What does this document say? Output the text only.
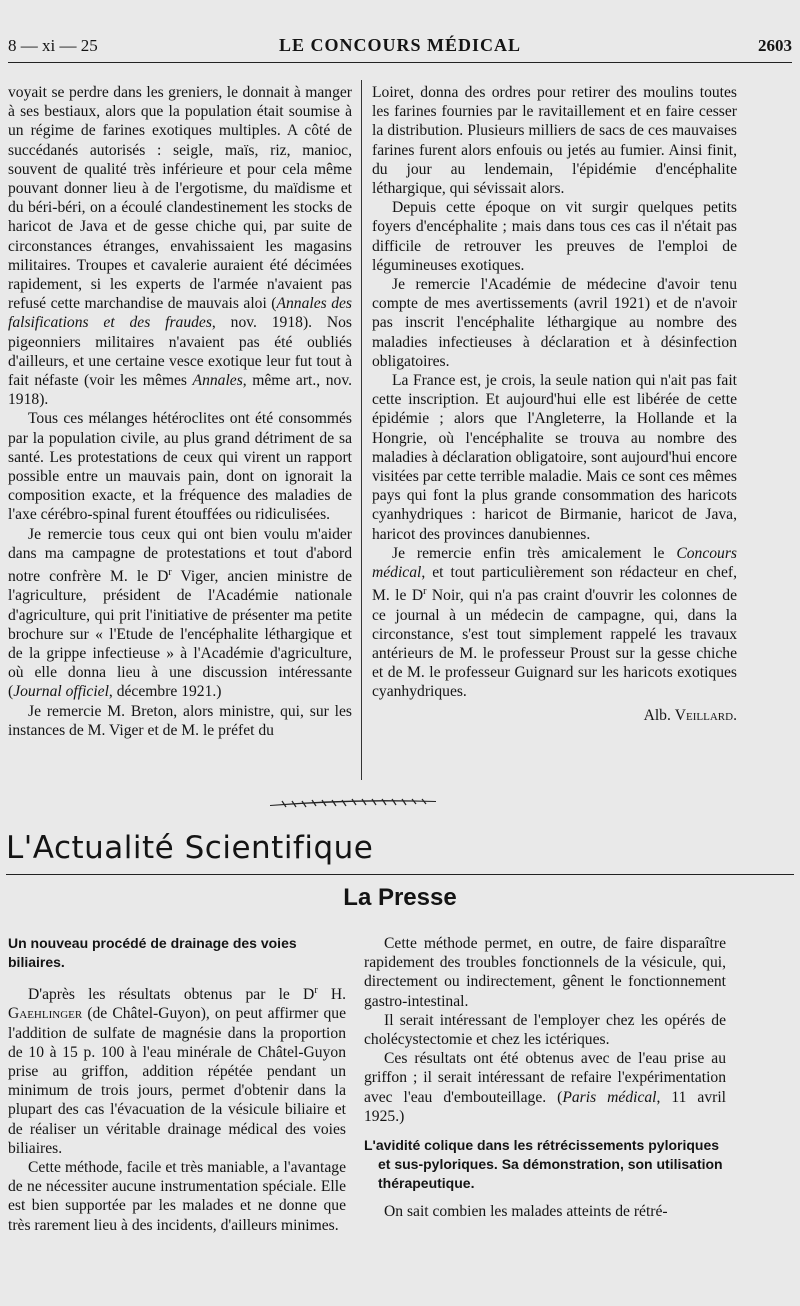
8 — xi — 25	LE CONCOURS MÉDICAL	2603

voyait se perdre dans les greniers, le donnait à manger à ses bestiaux, alors que la population était soumise à un régime de farines exotiques multiples. A côté de succédanés autorisés : seigle, maïs, riz, manioc, souvent de qualité très inférieure et pour cela même pouvant donner lieu à de l'ergotisme, du maïdisme et du béri-béri, on a écoulé clandestinement les stocks de haricot de Java et de gesse chiche qui, par suite de circonstances étranges, envahissaient les magasins militaires. Troupes et cavalerie auraient été décimées rapidement, si les experts de l'armée n'avaient pas refusé cette marchandise de mauvais aloi (Annales des falsifications et des fraudes, nov. 1918). Nos pigeonniers militaires n'avaient pas été oubliés d'ailleurs, et une certaine vesce exotique leur fut tout à fait néfaste (voir les mêmes Annales, même art., nov. 1918).

Tous ces mélanges hétéroclites ont été consommés par la population civile, au plus grand détriment de sa santé. Les protestations de ceux qui virent un rapport possible entre un mauvais pain, dont on ignorait la composition exacte, et la fréquence des maladies de l'axe cérébro-spinal furent étouffées ou ridiculisées.

Je remercie tous ceux qui ont bien voulu m'aider dans ma campagne de protestations et tout d'abord notre confrère M. le $D^r$ Viger, ancien ministre de l'agriculture, président de l'Académie nationale d'agriculture, qui prit l'initiative de présenter ma petite brochure sur « l'Etude de l'encéphalite léthargique et de la grippe infectieuse » à l'Académie d'agriculture, où elle donna lieu à une discussion intéressante (Journal officiel, décembre 1921.)

Je remercie M. Breton, alors ministre, qui, sur les instances de M. Viger et de M. le préfet du

Loiret, donna des ordres pour retirer des moulins toutes les farines fournies par le ravitaillement et en faire cesser la distribution. Plusieurs milliers de sacs de ces mauvaises farines furent alors enfouis ou jetés au fumier. Ainsi finit, du jour au lendemain, l'épidémie d'encéphalite léthargique, qui sévissait alors.

Depuis cette époque on vit surgir quelques petits foyers d'encéphalite ; mais dans tous ces cas il n'était pas difficile de retrouver les preuves de l'emploi de légumineuses exotiques.

Je remercie l'Académie de médecine d'avoir tenu compte de mes avertissements (avril 1921) et de n'avoir pas inscrit l'encéphalite léthargique au nombre des maladies infectieuses à déclaration et à désinfection obligatoires.

La France est, je crois, la seule nation qui n'ait pas fait cette inscription. Et aujourd'hui elle est libérée de cette épidémie ; alors que l'Angleterre, la Hollande et la Hongrie, où l'encéphalite se trouva au nombre des maladies à déclaration obligatoire, sont aujourd'hui encore visitées par cette terrible maladie. Mais ce sont ces mêmes pays qui font la plus grande consommation des haricots cyanhydriques : haricot de Birmanie, haricot de Java, haricot des provinces danubiennes.

Je remercie enfin très amicalement le Concours médical, et tout particulièrement son rédacteur en chef, M. le $D^r$ Noir, qui n'a pas craint d'ouvrir les colonnes de ce journal à un médecin de campagne, qui, dans la circonstance, s'est tout simplement rappelé les travaux antérieurs de M. le professeur Proust sur la gesse chiche et de M. le professeur Guignard sur les haricots exotiques cyanhydriques.

Alb. Veillard.
L'Actualité Scientifique
La Presse

Un nouveau procédé de drainage des voies biliaires.

D'après les résultats obtenus par le $D^r$ H. Gaehlinger (de Châtel-Guyon), on peut affirmer que l'addition de sulfate de magnésie dans la proportion de 10 à 15 p. 100 à l'eau minérale de Châtel-Guyon prise au griffon, addition répétée pendant un minimum de trois jours, permet d'obtenir dans la plupart des cas l'évacuation de la vésicule biliaire et de réaliser un véritable drainage médical des voies biliaires.

Cette méthode, facile et très maniable, a l'avantage de ne nécessiter aucune instrumentation spéciale. Elle est bien supportée par les malades et ne donne que très rarement lieu à des incidents, d'ailleurs minimes.

Cette méthode permet, en outre, de faire disparaître rapidement des troubles fonctionnels de la vésicule, qui, directement ou indirectement, gênent le fonctionnement gastro-intestinal.

Il serait intéressant de l'employer chez les opérés de cholécystectomie et chez les ictériques.

Ces résultats ont été obtenus avec de l'eau prise au griffon ; il serait intéressant de refaire l'expérimentation avec l'eau d'embouteillage. (Paris médical, 11 avril 1925.)

L'avidité colique dans les rétrécissements pyloriques et sus-pyloriques. Sa démonstration, son utilisation thérapeutique.

On sait combien les malades atteints de rétré-
